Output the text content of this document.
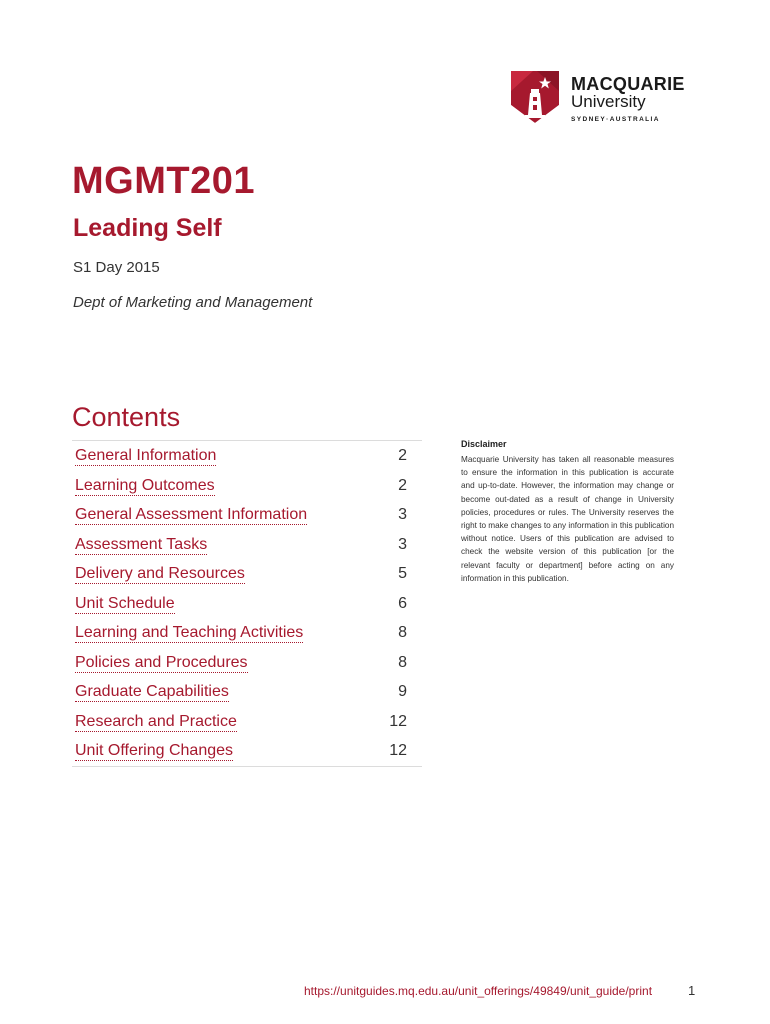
MACQUARIE
University
SYDNEY·AUSTRALIA
MGMT201
Leading Self
S1 Day 2015
Dept of Marketing and Management
Contents
General Information	2
Learning Outcomes	2
General Assessment Information	3
Assessment Tasks	3
Delivery and Resources	5
Unit Schedule	6
Learning and Teaching Activities	8
Policies and Procedures	8
Graduate Capabilities	9
Research and Practice	12
Unit Offering Changes	12
Disclaimer
Macquarie University has taken all reasonable measures to ensure the information in this publication is accurate and up-to-date. However, the information may change or become out-dated as a result of change in University policies, procedures or rules. The University reserves the right to make changes to any information in this publication without notice. Users of this publication are advised to check the website version of this publication [or the relevant faculty or department] before acting on any information in this publication.
https://unitguides.mq.edu.au/unit_offerings/49849/unit_guide/print	1
